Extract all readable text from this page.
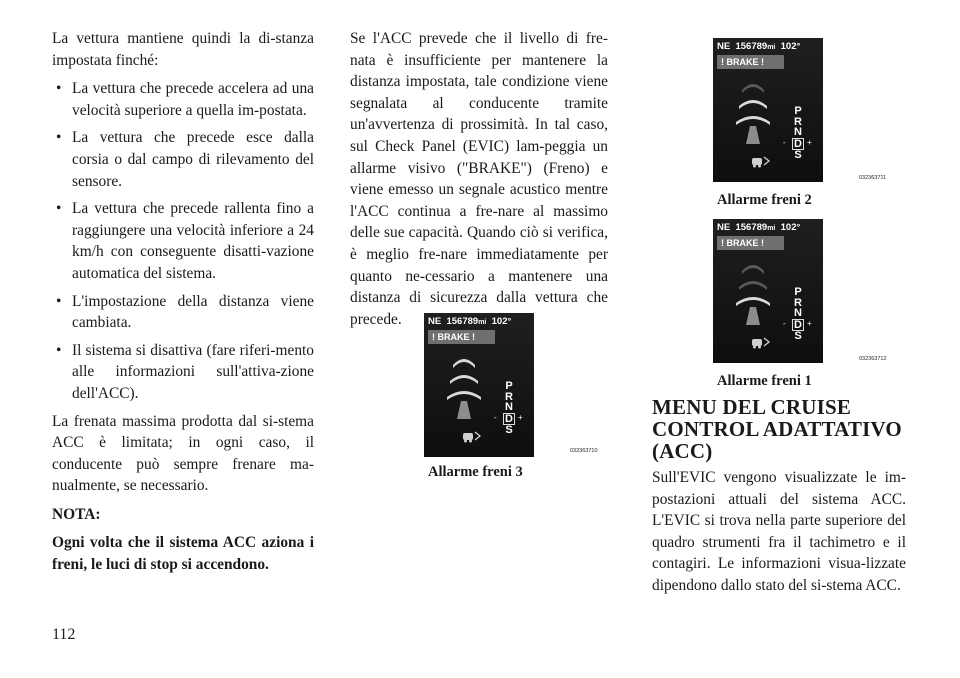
La vettura mantiene quindi la di-stanza impostata finché:

• La vettura che precede accelera ad una velocità superiore a quella im-postata.
• La vettura che precede esce dalla corsia o dal campo di rilevamento del sensore.
• La vettura che precede rallenta fino a raggiungere una velocità inferiore a 24 km/h con conseguente disatti-vazione automatica del sistema.
• L'impostazione della distanza viene cambiata.
• Il sistema si disattiva (fare riferi-mento alle informazioni sull'attiva-zione dell'ACC).

La frenata massima prodotta dal si-stema ACC è limitata; in ogni caso, il conducente può sempre frenare ma-nualmente, se necessario.

NOTA:

Ogni volta che il sistema ACC aziona i freni, le luci di stop si accendono.

Se l'ACC prevede che il livello di fre-nata è insufficiente per mantenere la distanza impostata, tale condizione viene segnalata al conducente tramite un'avvertenza di prossimità. In tal caso, sul Check Panel (EVIC) lam-peggia un allarme visivo ("BRAKE") (Freno) e viene emesso un segnale acustico mentre l'ACC continua a fre-nare al massimo delle sue capacità. Quando ciò si verifica, è meglio fre-nare immediatamente per quanto ne-cessario a mantenere una distanza di sicurezza dalla vettura che precede.	NE 156789mi 102°
! BRAKE !
P
R
N
D
S
-	+
032363710
Allarme freni 3
NE 156789mi 102°
! BRAKE !
P
R
N
D
S
-	+
032363711
Allarme freni 2
NE 156789mi 102°
! BRAKE !
P
R
N
D
S
-	+
032363712
Allarme freni 1
MENU DEL CRUISE CONTROL ADATTATIVO (ACC)

Sull'EVIC vengono visualizzate le im-postazioni attuali del sistema ACC. L'EVIC si trova nella parte superiore del quadro strumenti fra il tachimetro e il contagiri. Le informazioni visua-lizzate dipendono dallo stato del si-stema ACC.

112
